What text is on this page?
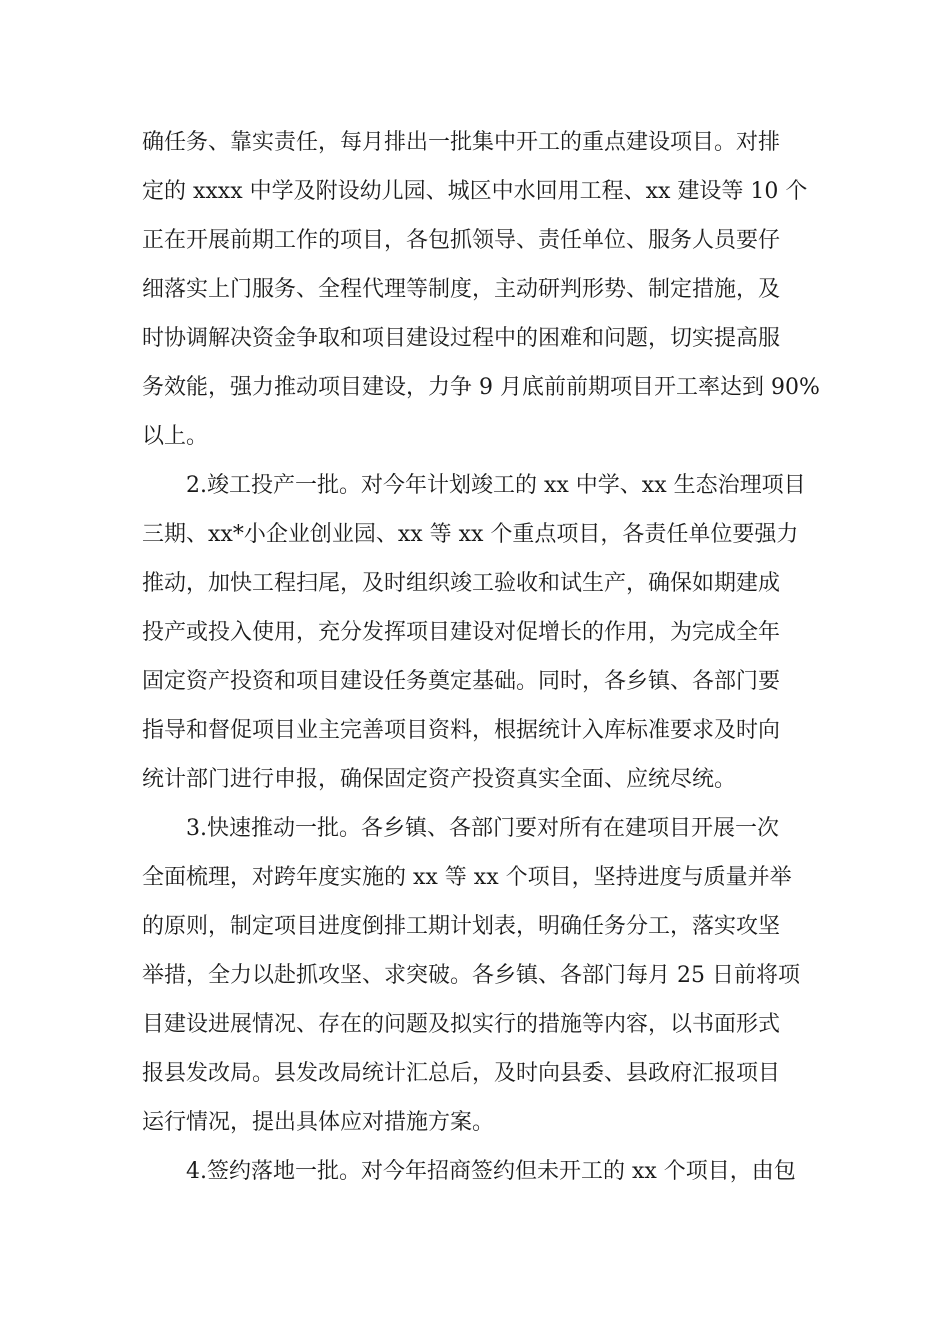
确任务、靠实责任，每月排出一批集中开工的重点建设项目。对排
定的 xxxx 中学及附设幼儿园、城区中水回用工程、xx 建设等 10 个
正在开展前期工作的项目，各包抓领导、责任单位、服务人员要仔
细落实上门服务、全程代理等制度，主动研判形势、制定措施，及
时协调解决资金争取和项目建设过程中的困难和问题，切实提高服
务效能，强力推动项目建设，力争 9 月底前前期项目开工率达到 90%
以上。
2.竣工投产一批。对今年计划竣工的 xx 中学、xx 生态治理项目
三期、xx*小企业创业园、xx 等 xx 个重点项目，各责任单位要强力
推动，加快工程扫尾，及时组织竣工验收和试生产，确保如期建成
投产或投入使用，充分发挥项目建设对促增长的作用，为完成全年
固定资产投资和项目建设任务奠定基础。同时，各乡镇、各部门要
指导和督促项目业主完善项目资料，根据统计入库标准要求及时向
统计部门进行申报，确保固定资产投资真实全面、应统尽统。
3.快速推动一批。各乡镇、各部门要对所有在建项目开展一次
全面梳理，对跨年度实施的 xx 等 xx 个项目，坚持进度与质量并举
的原则，制定项目进度倒排工期计划表，明确任务分工，落实攻坚
举措，全力以赴抓攻坚、求突破。各乡镇、各部门每月 25 日前将项
目建设进展情况、存在的问题及拟实行的措施等内容，以书面形式
报县发改局。县发改局统计汇总后，及时向县委、县政府汇报项目
运行情况，提出具体应对措施方案。
4.签约落地一批。对今年招商签约但未开工的 xx 个项目，由包
